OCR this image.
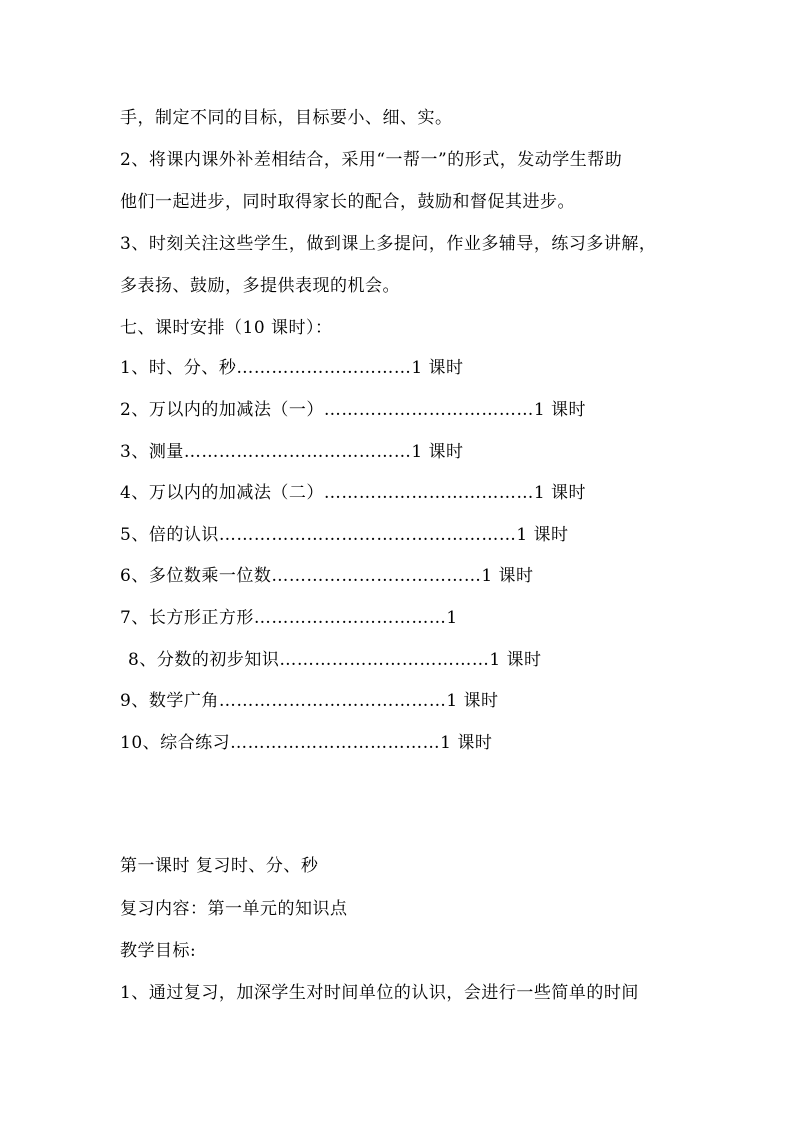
手，制定不同的目标，目标要小、细、实。
2、将课内课外补差相结合，采用“一帮一”的形式，发动学生帮助
他们一起进步，同时取得家长的配合，鼓励和督促其进步。
3、时刻关注这些学生，做到课上多提问，作业多辅导，练习多讲解，
多表扬、鼓励，多提供表现的机会。
七、课时安排（10 课时）：
1、时、分、秒…………………………1 课时
2、万以内的加减法（一）………………………………1 课时
3、测量…………………………………1 课时
4、万以内的加减法（二）………………………………1 课时
5、倍的认识……………………………………………1 课时
6、多位数乘一位数………………………………1 课时
7、长方形正方形……………………………1
8、分数的初步知识………………………………1 课时
9、数学广角…………………………………1 课时
10、综合练习………………………………1 课时
第一课时 复习时、分、秒
复习内容：第一单元的知识点
教学目标:
1、通过复习，加深学生对时间单位的认识，会进行一些简单的时间
